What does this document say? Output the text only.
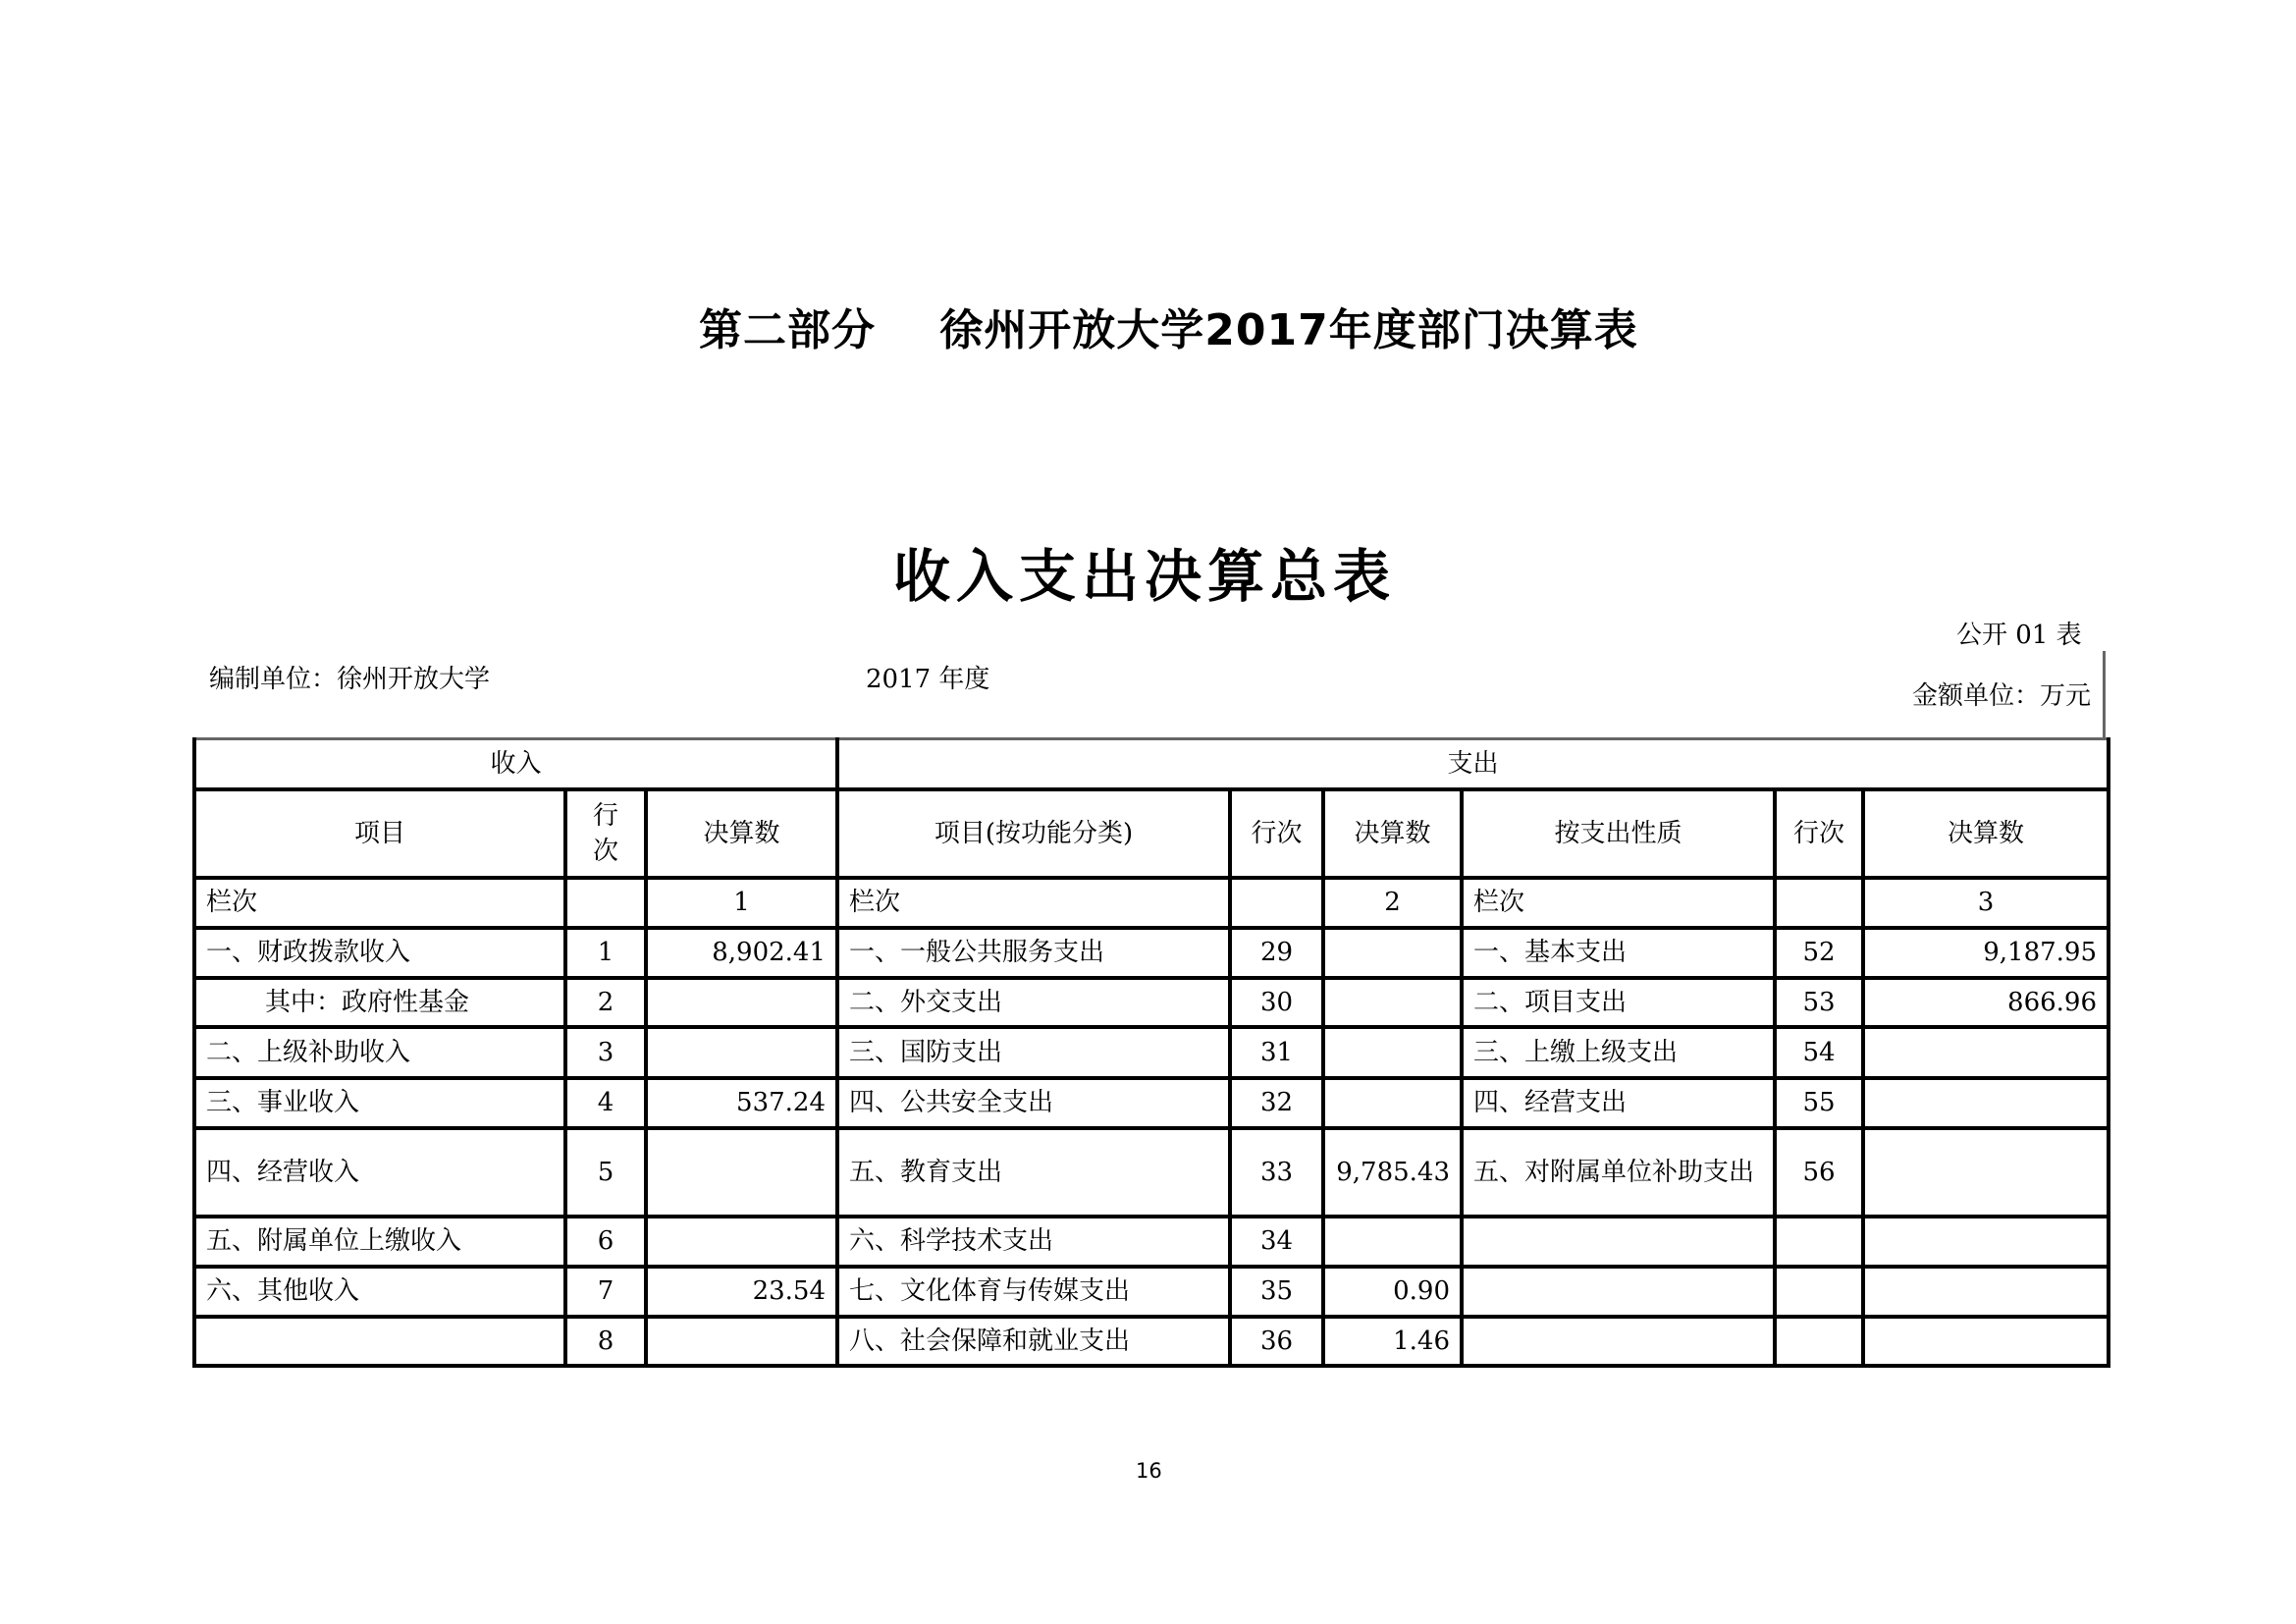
第二部分    徐州开放大学2017年度部门决算表
收入支出决算总表
公开 01 表
编制单位：徐州开放大学	2017 年度
金额单位：万元
收入			支出					
项目	行次	决算数	项目(按功能分类)	行次	决算数	按支出性质	行次	决算数
栏次		1	栏次		2	栏次		3
一、财政拨款收入	1	8,902.41	一、一般公共服务支出	29		一、基本支出	52	9,187.95
其中：政府性基金	2		二、外交支出	30		二、项目支出	53	866.96
二、上级补助收入	3		三、国防支出	31		三、上缴上级支出	54	
三、事业收入	4	537.24	四、公共安全支出	32		四、经营支出	55	
四、经营收入	5		五、教育支出	33	9,785.43	五、对附属单位补助支出	56	
五、附属单位上缴收入	6		六、科学技术支出	34				
六、其他收入	7	23.54	七、文化体育与传媒支出	35	0.90			
	8		八、社会保障和就业支出	36	1.46			
16
